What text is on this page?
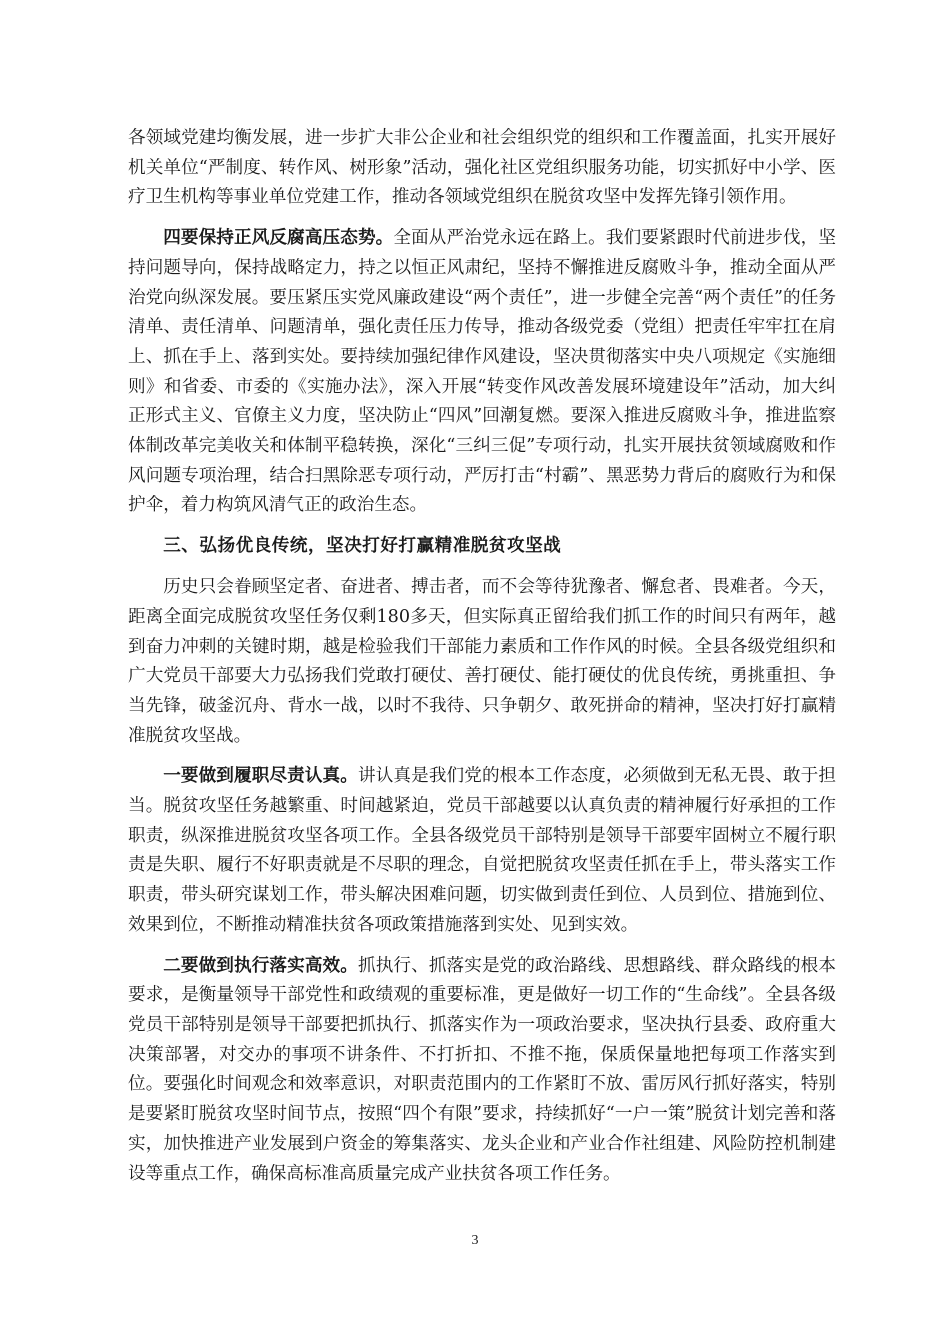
各领域党建均衡发展，进一步扩大非公企业和社会组织党的组织和工作覆盖面，扎实开展好机关单位“严制度、转作风、树形象”活动，强化社区党组织服务功能，切实抓好中小学、医疗卫生机构等事业单位党建工作，推动各领域党组织在脱贫攻坚中发挥先锋引领作用。

四要保持正风反腐高压态势。全面从严治党永远在路上。我们要紧跟时代前进步伐，坚持问题导向，保持战略定力，持之以恒正风肃纪，坚持不懈推进反腐败斗争，推动全面从严治党向纵深发展。要压紧压实党风廉政建设“两个责任”，进一步健全完善“两个责任”的任务清单、责任清单、问题清单，强化责任压力传导，推动各级党委（党组）把责任牢牢扛在肩上、抓在手上、落到实处。要持续加强纪律作风建设，坚决贯彻落实中央八项规定《实施细则》和省委、市委的《实施办法》，深入开展“转变作风改善发展环境建设年”活动，加大纠正形式主义、官僚主义力度，坚决防止“四风”回潮复燃。要深入推进反腐败斗争，推进监察体制改革完美收关和体制平稳转换，深化“三纠三促”专项行动，扎实开展扶贫领域腐败和作风问题专项治理，结合扫黑除恶专项行动，严厉打击“村霸”、黑恶势力背后的腐败行为和保护伞，着力构筑风清气正的政治生态。

三、弘扬优良传统，坚决打好打赢精准脱贫攻坚战

历史只会眷顾坚定者、奋进者、搏击者，而不会等待犹豫者、懈怠者、畏难者。今天，距离全面完成脱贫攻坚任务仅剩180多天，但实际真正留给我们抓工作的时间只有两年，越到奋力冲刺的关键时期，越是检验我们干部能力素质和工作作风的时候。全县各级党组织和广大党员干部要大力弘扬我们党敢打硬仗、善打硬仗、能打硬仗的优良传统，勇挑重担、争当先锋，破釜沉舟、背水一战，以时不我待、只争朝夕、敢死拼命的精神，坚决打好打赢精准脱贫攻坚战。

一要做到履职尽责认真。讲认真是我们党的根本工作态度，必须做到无私无畏、敢于担当。脱贫攻坚任务越繁重、时间越紧迫，党员干部越要以认真负责的精神履行好承担的工作职责，纵深推进脱贫攻坚各项工作。全县各级党员干部特别是领导干部要牢固树立不履行职责是失职、履行不好职责就是不尽职的理念，自觉把脱贫攻坚责任抓在手上，带头落实工作职责，带头研究谋划工作，带头解决困难问题，切实做到责任到位、人员到位、措施到位、效果到位，不断推动精准扶贫各项政策措施落到实处、见到实效。

二要做到执行落实高效。抓执行、抓落实是党的政治路线、思想路线、群众路线的根本要求，是衡量领导干部党性和政绩观的重要标准，更是做好一切工作的“生命线”。全县各级党员干部特别是领导干部要把抓执行、抓落实作为一项政治要求，坚决执行县委、政府重大决策部署，对交办的事项不讲条件、不打折扣、不推不拖，保质保量地把每项工作落实到位。要强化时间观念和效率意识，对职责范围内的工作紧盯不放、雷厉风行抓好落实，特别是要紧盯脱贫攻坚时间节点，按照“四个有限”要求，持续抓好“一户一策”脱贫计划完善和落实，加快推进产业发展到户资金的筹集落实、龙头企业和产业合作社组建、风险防控机制建设等重点工作，确保高标准高质量完成产业扶贫各项工作任务。

3
